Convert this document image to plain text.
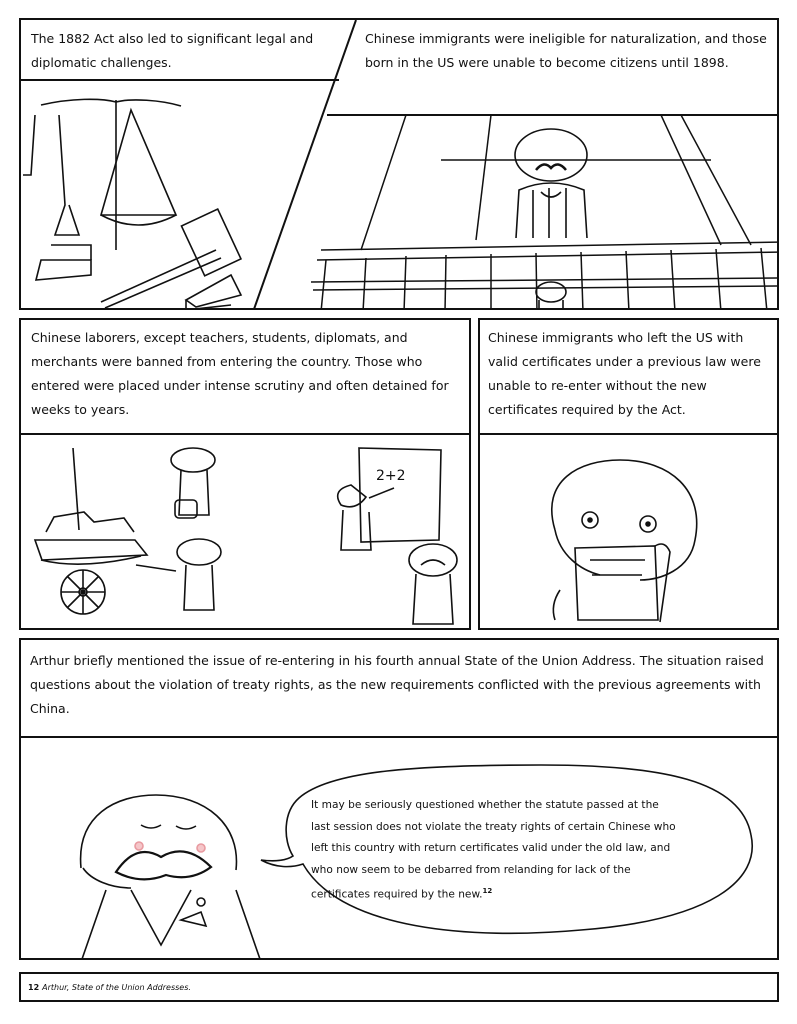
The 1882 Act also led to significant legal and diplomatic challenges.
Chinese immigrants were ineligible for naturalization, and those born in the US were unable to become citizens until 1898.
2+2
Chinese laborers, except teachers, students, diplomats, and merchants were banned from entering the country. Those who entered were placed under intense scrutiny and often detained for weeks to years.
Chinese immigrants who left the US with valid certificates under a previous law were unable to re-enter without the new certificates required by the Act.
Arthur briefly mentioned the issue of re-entering in his fourth annual State of the Union Address. The situation raised questions about the violation of treaty rights, as the new requirements conflicted with the previous agreements with China.
It may be seriously questioned whether the statute passed at the last session does not violate the treaty rights of certain Chinese who left this country with return certificates valid under the old law, and who now seem to be debarred from relanding for lack of the certificates required by the new.$^{12}$
12 Arthur, State of the Union Addresses.
